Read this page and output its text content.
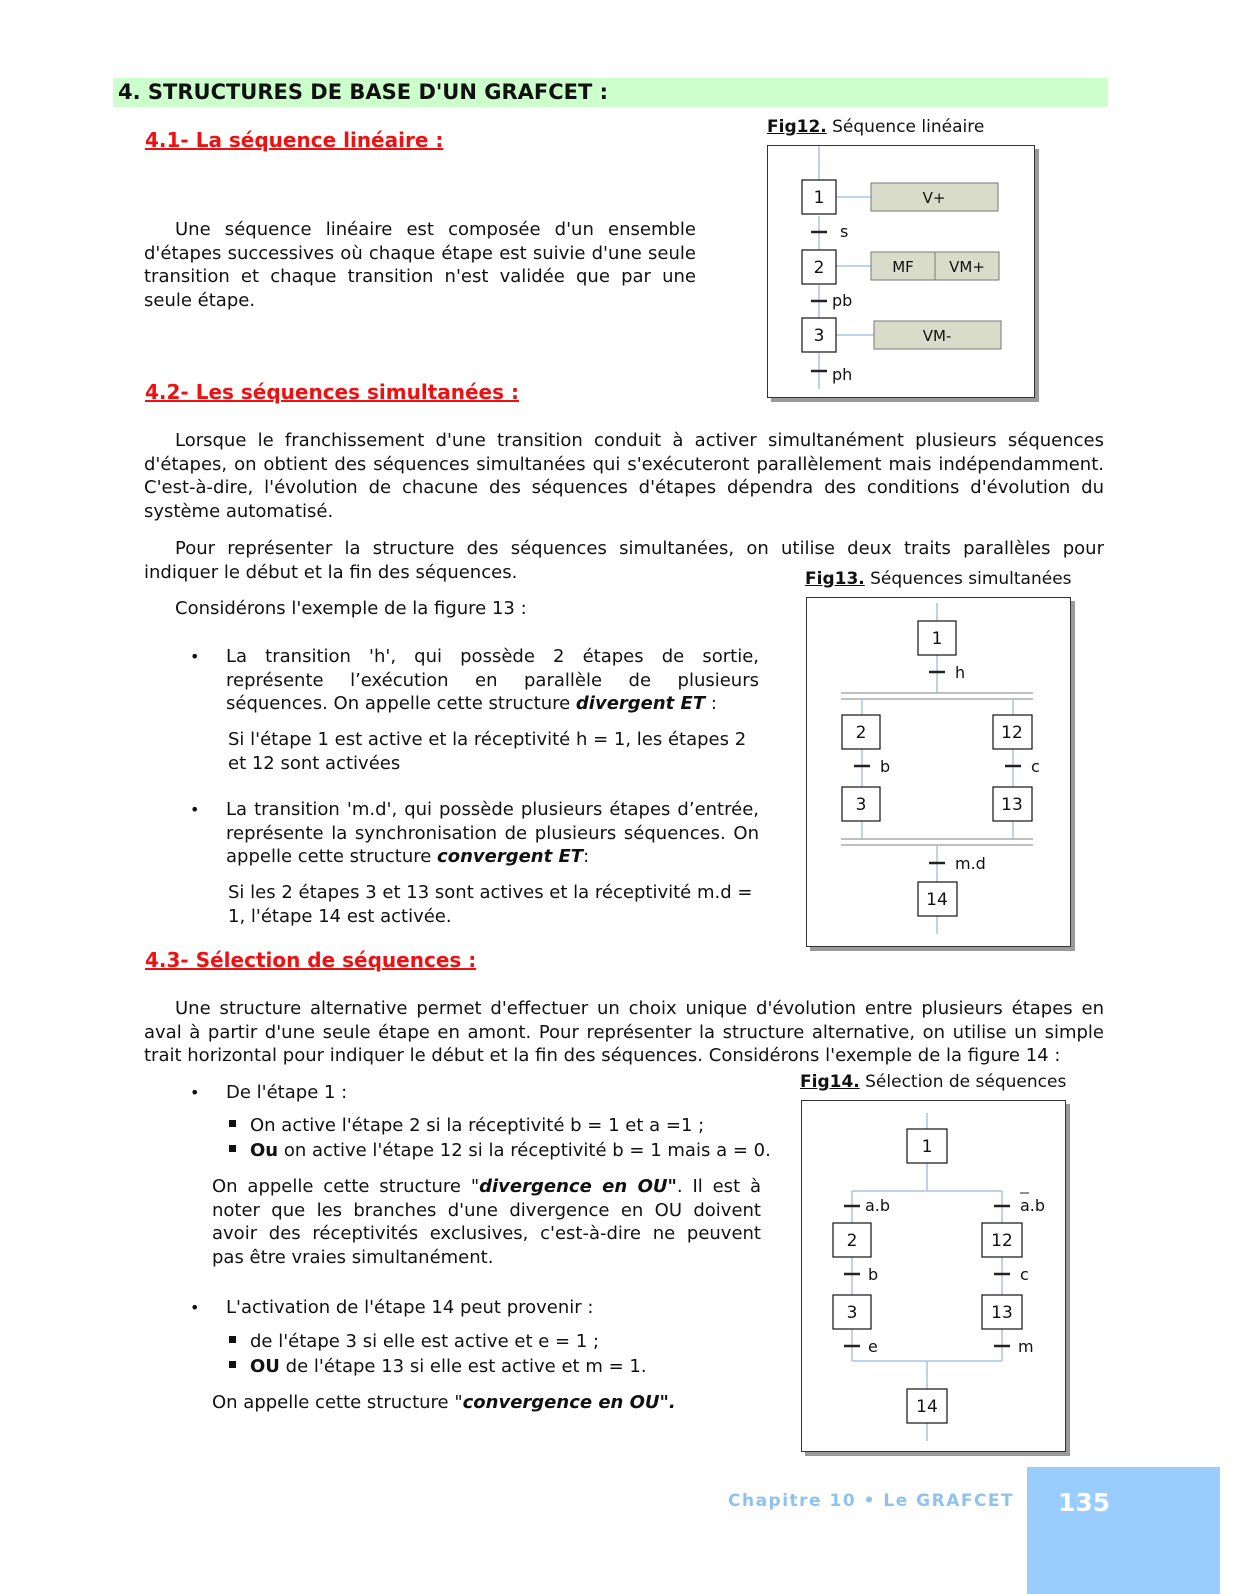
4. STRUCTURES DE BASE D'UN GRAFCET :
4.1- La séquence linéaire :

Une séquence linéaire est composée d'un ensemble d'étapes successives où chaque étape est suivie d'une seule transition et chaque transition n'est validée que par une seule étape.

Fig12. Séquence linéaire
1
2
3
V+
MF VM+
VM-
s
pb
ph
4.2- Les séquences simultanées :

Lorsque le franchissement d'une transition conduit à activer simultanément plusieurs séquences d'étapes, on obtient des séquences simultanées qui s'exécuteront parallèlement mais indépendamment. C'est-à-dire, l'évolution de chacune des séquences d'étapes dépendra des conditions d'évolution du système automatisé.

Pour représenter la structure des séquences simultanées, on utilise deux traits parallèles pour indiquer le début et la fin des séquences.

Considérons l'exemple de la figure 13 :

• La transition 'h', qui possède 2 étapes de sortie, représente l’exécution en parallèle de plusieurs séquences. On appelle cette structure divergent ET :

Si l'étape 1 est active et la réceptivité h = 1, les étapes 2 et 12 sont activées

• La transition 'm.d', qui possède plusieurs étapes d’entrée, représente la synchronisation de plusieurs séquences. On appelle cette structure convergent ET:

Si les 2 étapes 3 et 13 sont actives et la réceptivité m.d = 1, l'étape 14 est activée.

Fig13. Séquences simultanées
1
2
3
12
13
14
h
b	c
m.d
4.3- Sélection de séquences :

Une structure alternative permet d'effectuer un choix unique d'évolution entre plusieurs étapes en aval à partir d'une seule étape en amont. Pour représenter la structure alternative, on utilise un simple trait horizontal pour indiquer le début et la fin des séquences. Considérons l'exemple de la figure 14 :

• De l'étape 1 :

On active l'étape 2 si la réceptivité b = 1 et a =1 ;

Ou on active l'étape 12 si la réceptivité b = 1 mais a = 0.

On appelle cette structure "divergence en OU". Il est à noter que les branches d'une divergence en OU doivent avoir des réceptivités exclusives, c'est-à-dire ne peuvent pas être vraies simultanément.

• L'activation de l'étape 14 peut provenir :

de l'étape 3 si elle est active et e = 1 ;

OU de l'étape 13 si elle est active et m = 1.

On appelle cette structure "convergence en OU".

Fig14. Sélection de séquences
1
2
3
12
13
14
a.b	a.b
b	c
e	m
Chapitre 10 • Le GRAFCET 135
